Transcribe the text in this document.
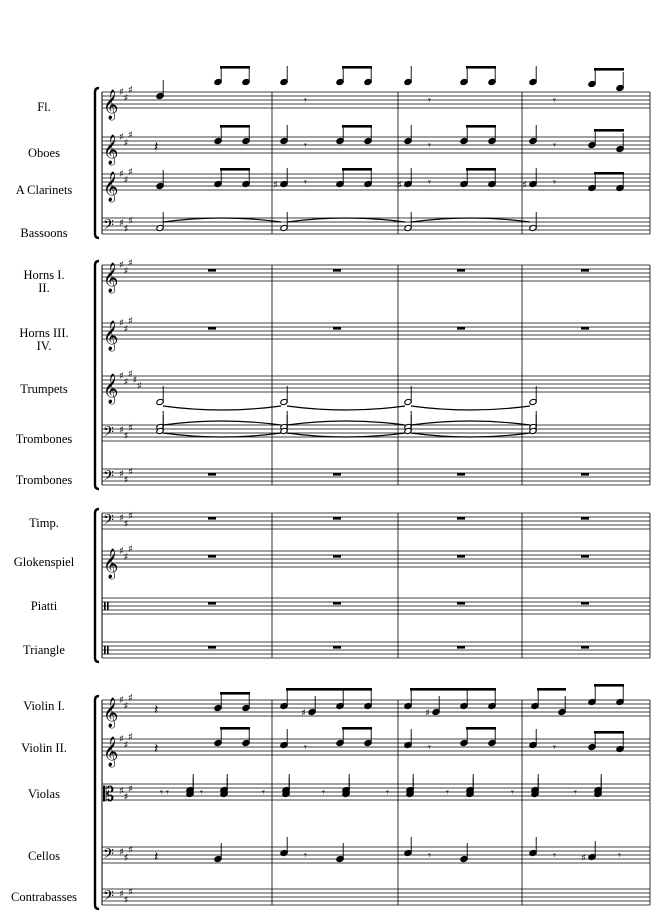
Fl.
Oboes
A Clarinets
Bassoons
Horns I.
II.
Horns III.
IV.
Trumpets
Trombones
Trombones
Timp.
Glokenspiel
Piatti
Triangle
Violin I.
Violin II.
Violas
Cellos
Contrabasses
𝄞 ♯
♯
♯
𝄾	𝄾	𝄾
𝄞 ♯
♯
♯
𝄽	𝄾	𝄾	𝄾
𝄞 ♯
♯
♯
♯ 𝄾	♯ 𝄾	♯ 𝄾
𝄢 ♯
♯
♯
𝄞 ♯
♯
♯
𝄞 ♯
♯
♯
𝄞 ♯
♯
♯
♯
♯
𝄢 ♯
♯
♯
𝄢 ♯
♯
♯
𝄢 ♯
♯
♯
𝄞 ♯
♯
♯
𝄞 ♯
♯
♯
𝄽	♯	♯
𝄞 ♯
♯
♯
𝄽	𝄾	𝄾	𝄾
𝄡 ♯
♯
♯	𝄾	𝄾	𝄾	𝄾	𝄾	𝄾	𝄾	𝄾
𝄾
𝄢 ♯
♯
♯ 𝄽	𝄾	𝄾	𝄾	♯	𝄾
𝄢 ♯
♯
♯
